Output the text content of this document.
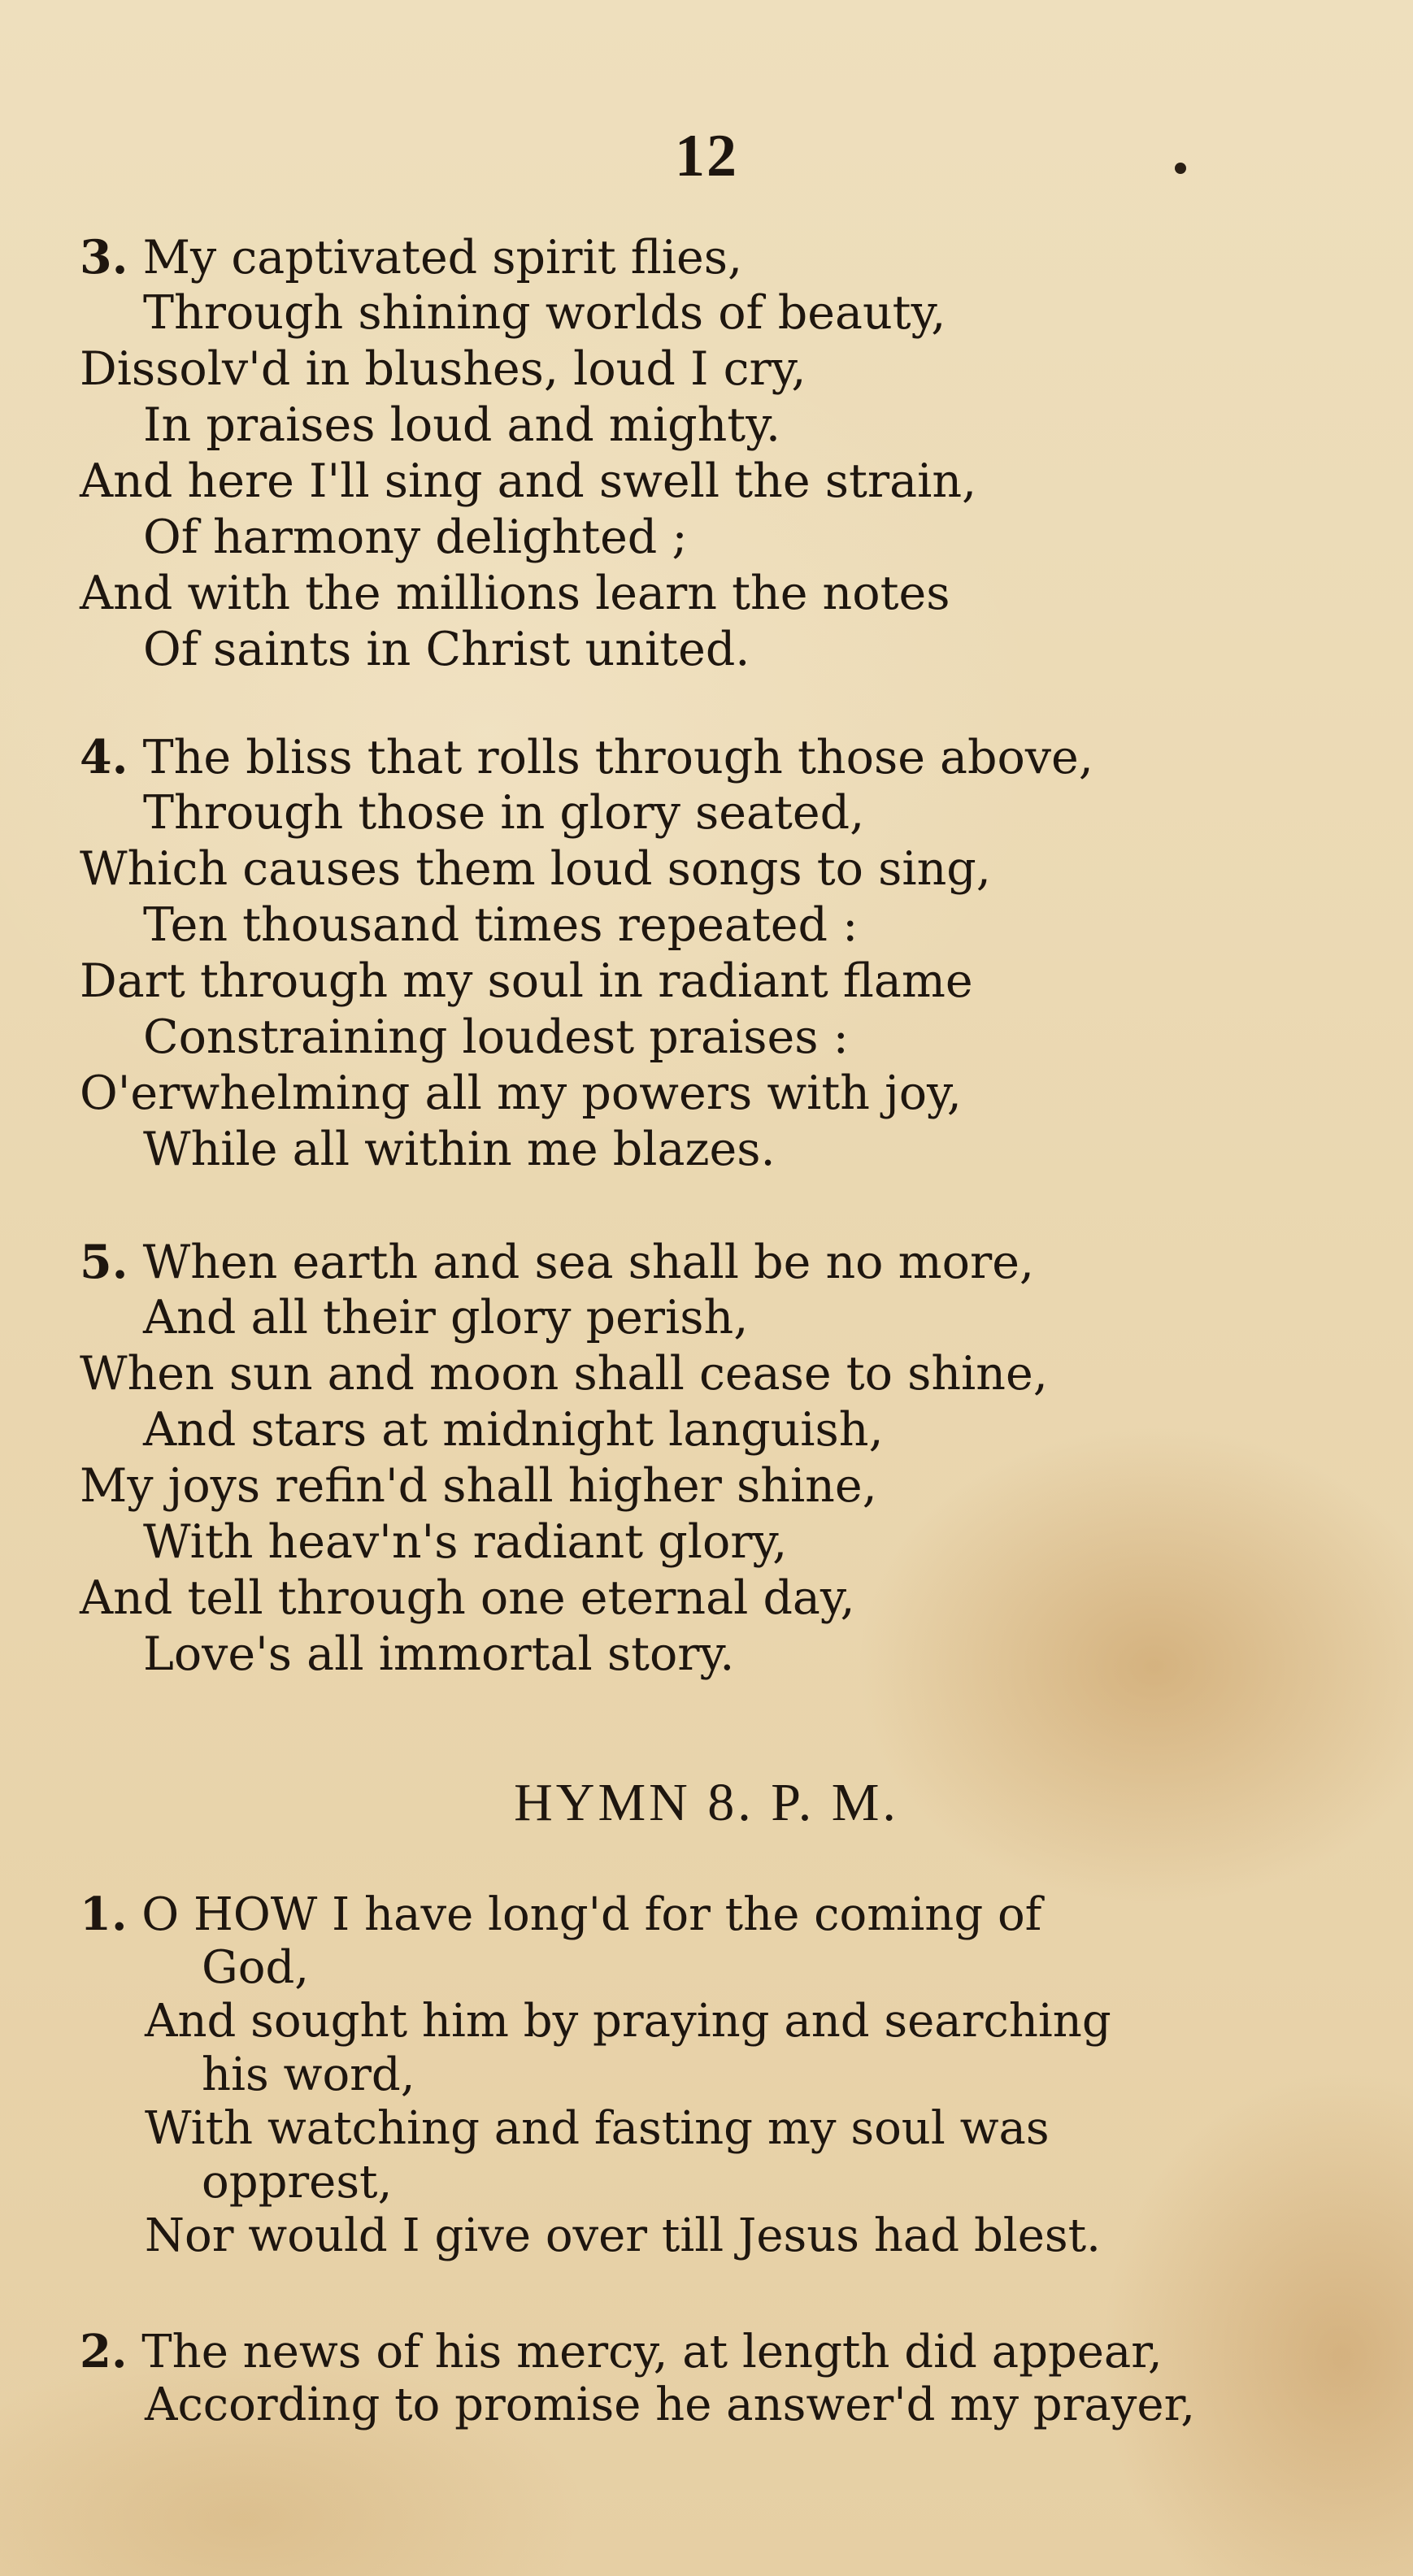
12
3. My captivated spirit flies,
Through shining worlds of beauty,
Dissolv'd in blushes, loud I cry,
In praises loud and mighty.
And here I'll sing and swell the strain,
Of harmony delighted ;
And with the millions learn the notes
Of saints in Christ united.
4. The bliss that rolls through those above,
Through those in glory seated,
Which causes them loud songs to sing,
Ten thousand times repeated :
Dart through my soul in radiant flame
Constraining loudest praises :
O'erwhelming all my powers with joy,
While all within me blazes.
5. When earth and sea shall be no more,
And all their glory perish,
When sun and moon shall cease to shine,
And stars at midnight languish,
My joys refin'd shall higher shine,
With heav'n's radiant glory,
And tell through one eternal day,
Love's all immortal story.
HYMN 8. P. M.
1. O HOW I have long'd for the coming of
God,
And sought him by praying and searching
his word,
With watching and fasting my soul was
opprest,
Nor would I give over till Jesus had blest.
2. The news of his mercy, at length did appear,
According to promise he answer'd my prayer,
